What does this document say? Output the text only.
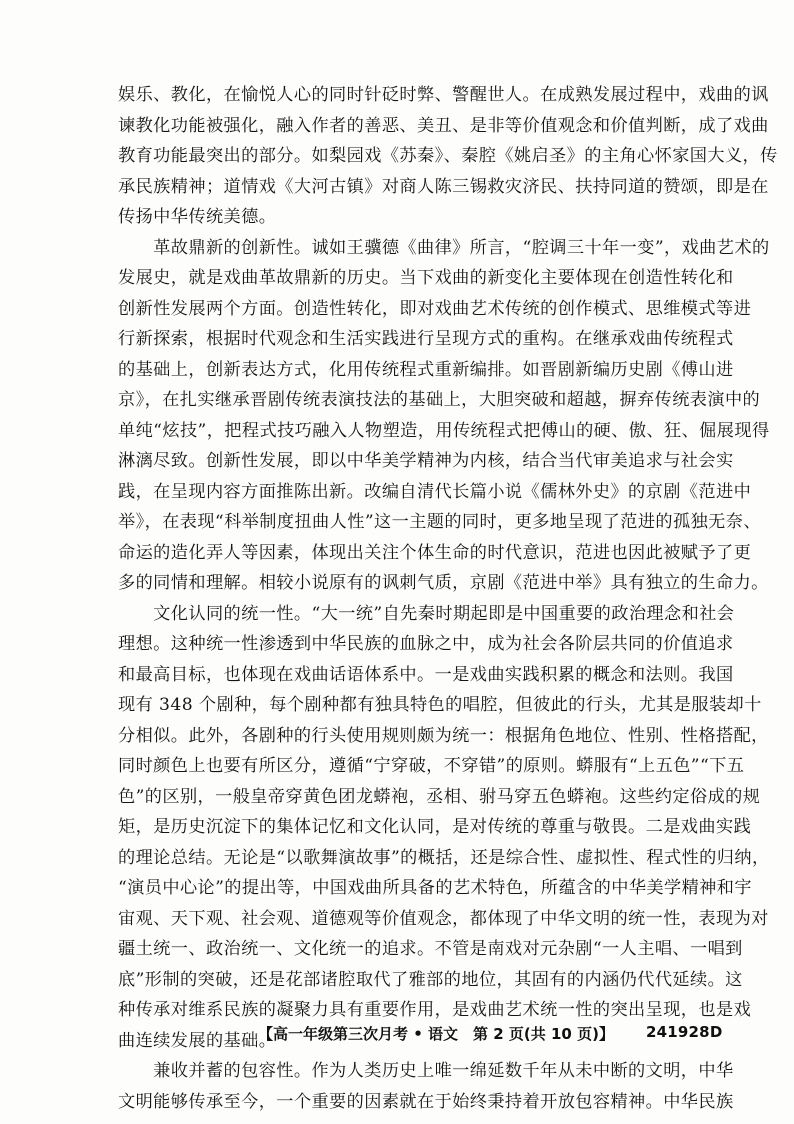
娱乐、教化，在愉悦人心的同时针砭时弊、警醒世人。在成熟发展过程中，戏曲的讽
谏教化功能被强化，融入作者的善恶、美丑、是非等价值观念和价值判断，成了戏曲
教育功能最突出的部分。如梨园戏《苏秦》、秦腔《姚启圣》的主角心怀家国大义，传
承民族精神；道情戏《大河古镇》对商人陈三锡救灾济民、扶持同道的赞颂，即是在
传扬中华传统美德。
　　革故鼎新的创新性。诚如王骥德《曲律》所言，“腔调三十年一变”，戏曲艺术的
发展史，就是戏曲革故鼎新的历史。当下戏曲的新变化主要体现在创造性转化和
创新性发展两个方面。创造性转化，即对戏曲艺术传统的创作模式、思维模式等进
行新探索，根据时代观念和生活实践进行呈现方式的重构。在继承戏曲传统程式
的基础上，创新表达方式，化用传统程式重新编排。如晋剧新编历史剧《傅山进
京》，在扎实继承晋剧传统表演技法的基础上，大胆突破和超越，摒弃传统表演中的
单纯“炫技”，把程式技巧融入人物塑造，用传统程式把傅山的硬、傲、狂、倔展现得
淋漓尽致。创新性发展，即以中华美学精神为内核，结合当代审美追求与社会实
践，在呈现内容方面推陈出新。改编自清代长篇小说《儒林外史》的京剧《范进中
举》，在表现“科举制度扭曲人性”这一主题的同时，更多地呈现了范进的孤独无奈、
命运的造化弄人等因素，体现出关注个体生命的时代意识，范进也因此被赋予了更
多的同情和理解。相较小说原有的讽刺气质，京剧《范进中举》具有独立的生命力。
　　文化认同的统一性。“大一统”自先秦时期起即是中国重要的政治理念和社会
理想。这种统一性渗透到中华民族的血脉之中，成为社会各阶层共同的价值追求
和最高目标，也体现在戏曲话语体系中。一是戏曲实践积累的概念和法则。我国
现有 348 个剧种，每个剧种都有独具特色的唱腔，但彼此的行头，尤其是服装却十
分相似。此外，各剧种的行头使用规则颇为统一：根据角色地位、性别、性格搭配，
同时颜色上也要有所区分，遵循“宁穿破，不穿错”的原则。蟒服有“上五色”“下五
色”的区别，一般皇帝穿黄色团龙蟒袍，丞相、驸马穿五色蟒袍。这些约定俗成的规
矩，是历史沉淀下的集体记忆和文化认同，是对传统的尊重与敬畏。二是戏曲实践
的理论总结。无论是“以歌舞演故事”的概括，还是综合性、虚拟性、程式性的归纳，
“演员中心论”的提出等，中国戏曲所具备的艺术特色，所蕴含的中华美学精神和宇
宙观、天下观、社会观、道德观等价值观念，都体现了中华文明的统一性，表现为对
疆土统一、政治统一、文化统一的追求。不管是南戏对元杂剧“一人主唱、一唱到
底”形制的突破，还是花部诸腔取代了雅部的地位，其固有的内涵仍代代延续。这
种传承对维系民族的凝聚力具有重要作用，是戏曲艺术统一性的突出呈现，也是戏
曲连续发展的基础。
　　兼收并蓄的包容性。作为人类历史上唯一绵延数千年从未中断的文明，中华
文明能够传承至今，一个重要的因素就在于始终秉持着开放包容精神。中华民族
【高一年级第三次月考 • 语文　第 2 页(共 10 页)】 241928D
